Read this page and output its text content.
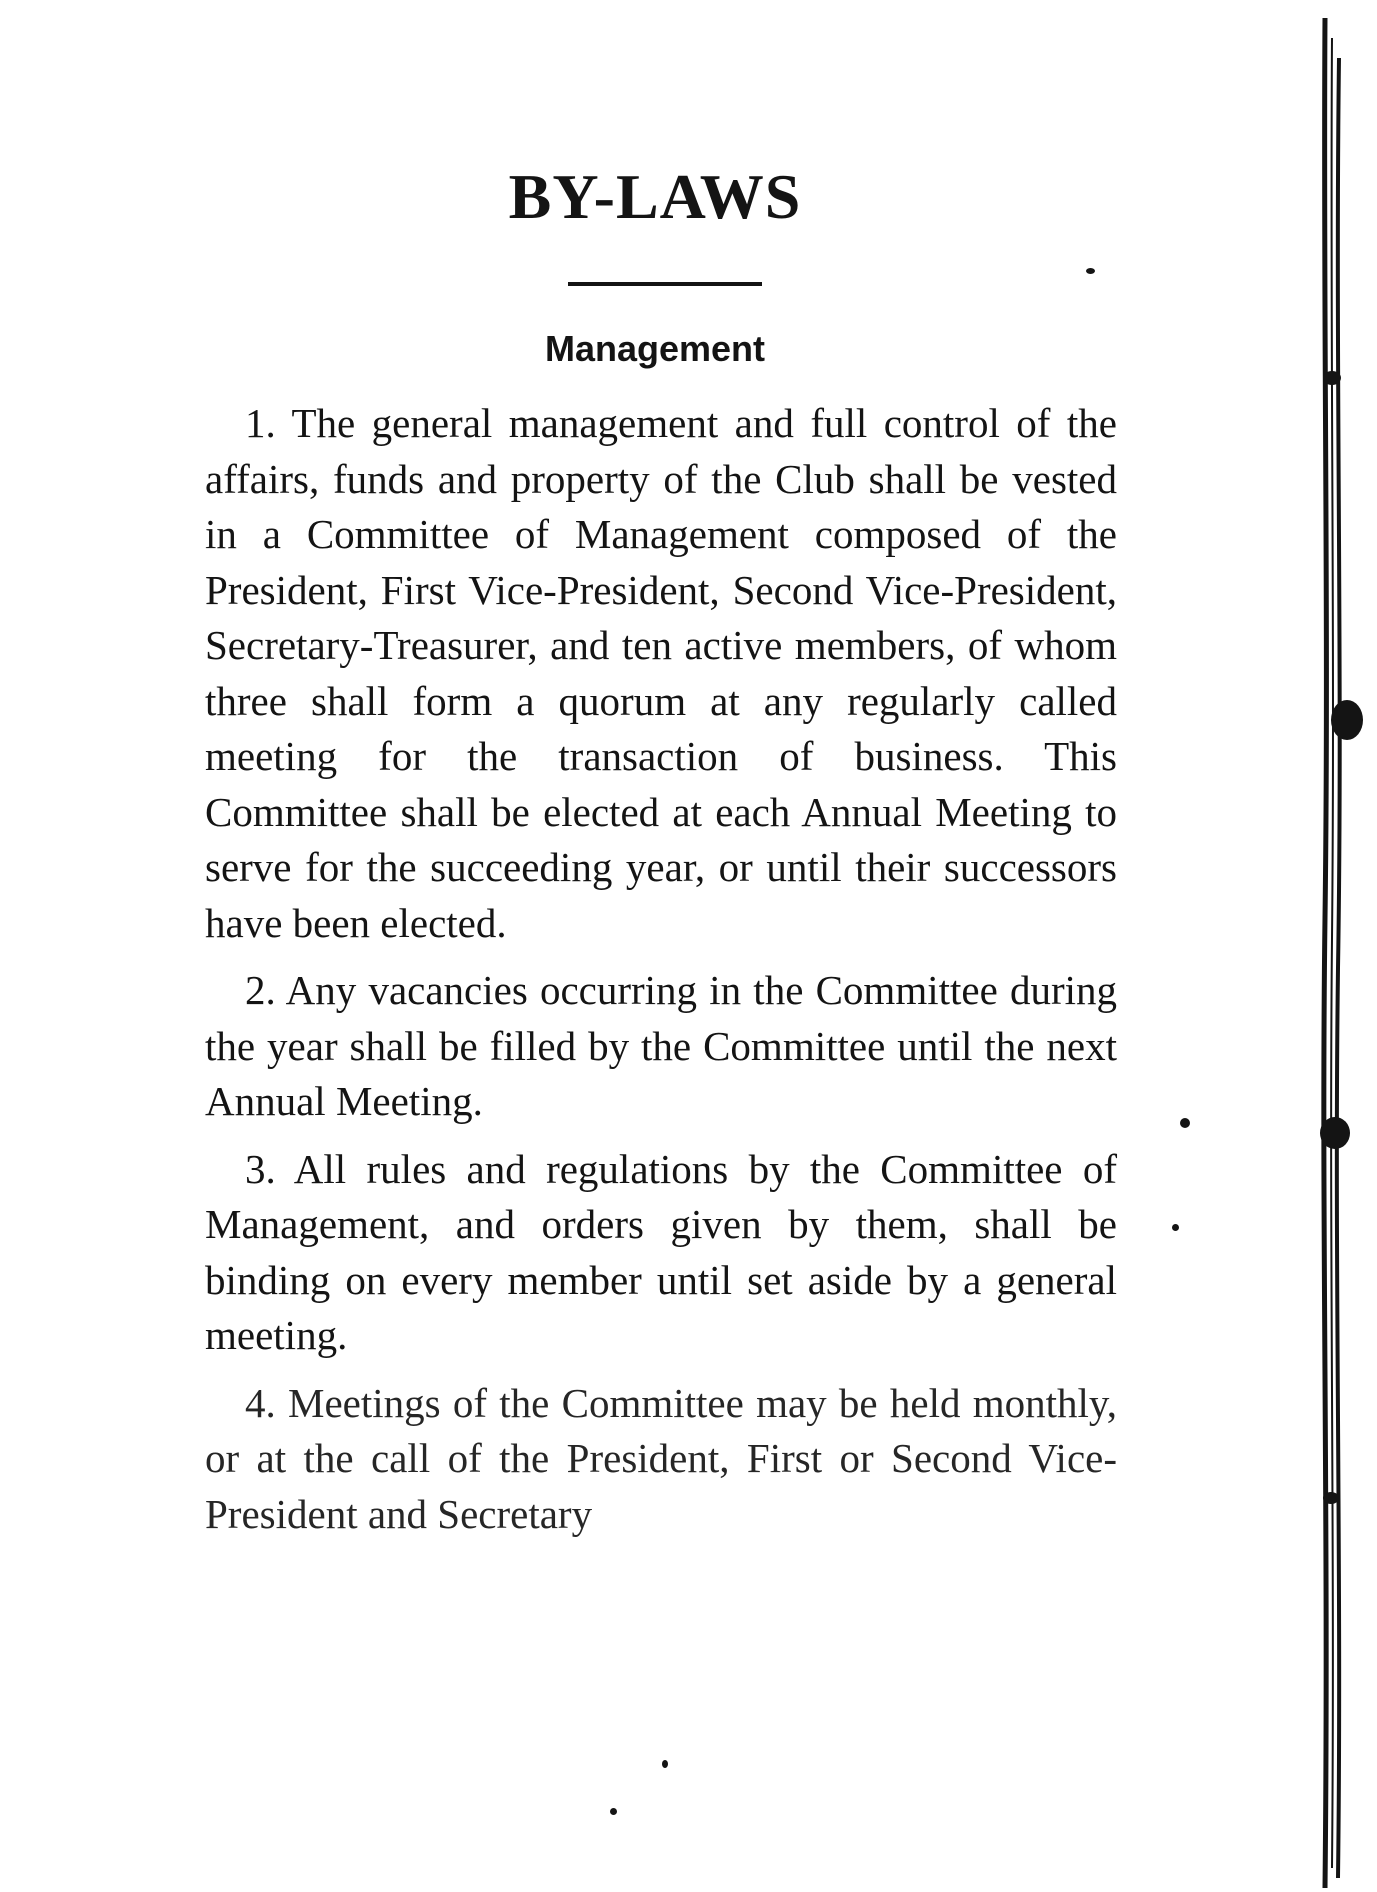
BY-LAWS
Management

1. The general management and full control of the affairs, funds and property of the Club shall be vested in a Committee of Management composed of the President, First Vice-President, Second Vice-President, Secretary-Treasurer, and ten active members, of whom three shall form a quorum at any regularly called meeting for the transaction of business. This Committee shall be elected at each Annual Meeting to serve for the succeeding year, or until their successors have been elected.

2. Any vacancies occurring in the Committee during the year shall be filled by the Committee until the next Annual Meeting.

3. All rules and regulations by the Committee of Management, and orders given by them, shall be binding on every member until set aside by a general meeting.

4. Meetings of the Committee may be held monthly, or at the call of the President, First or Second Vice-President and Secretary
